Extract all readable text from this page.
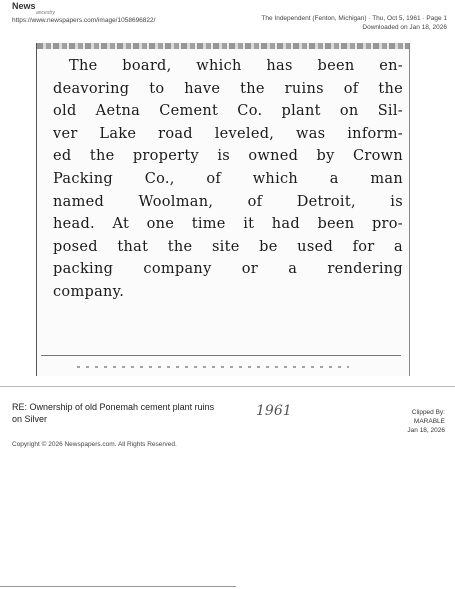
News
ancestry
https://www.newspapers.com/image/1058696822/	The Independent (Fenton, Michigan) · Thu, Oct 5, 1961 · Page 1
Downloaded on Jan 18, 2026
The board, which has been en-
deavoring to have the ruins of the
old Aetna Cement Co. plant on Sil-
ver Lake road leveled, was inform-
ed the property is owned by Crown
Packing Co., of which a man
named Woolman, of Detroit, is
head. At one time it had been pro-
posed that the site be used for a
packing company or a rendering
company.
RE: Ownership of old Ponemah cement plant ruins on Silver	1961	Clipped By:
MARABLE
Jan 18, 2026
Copyright © 2026 Newspapers.com. All Rights Reserved.
